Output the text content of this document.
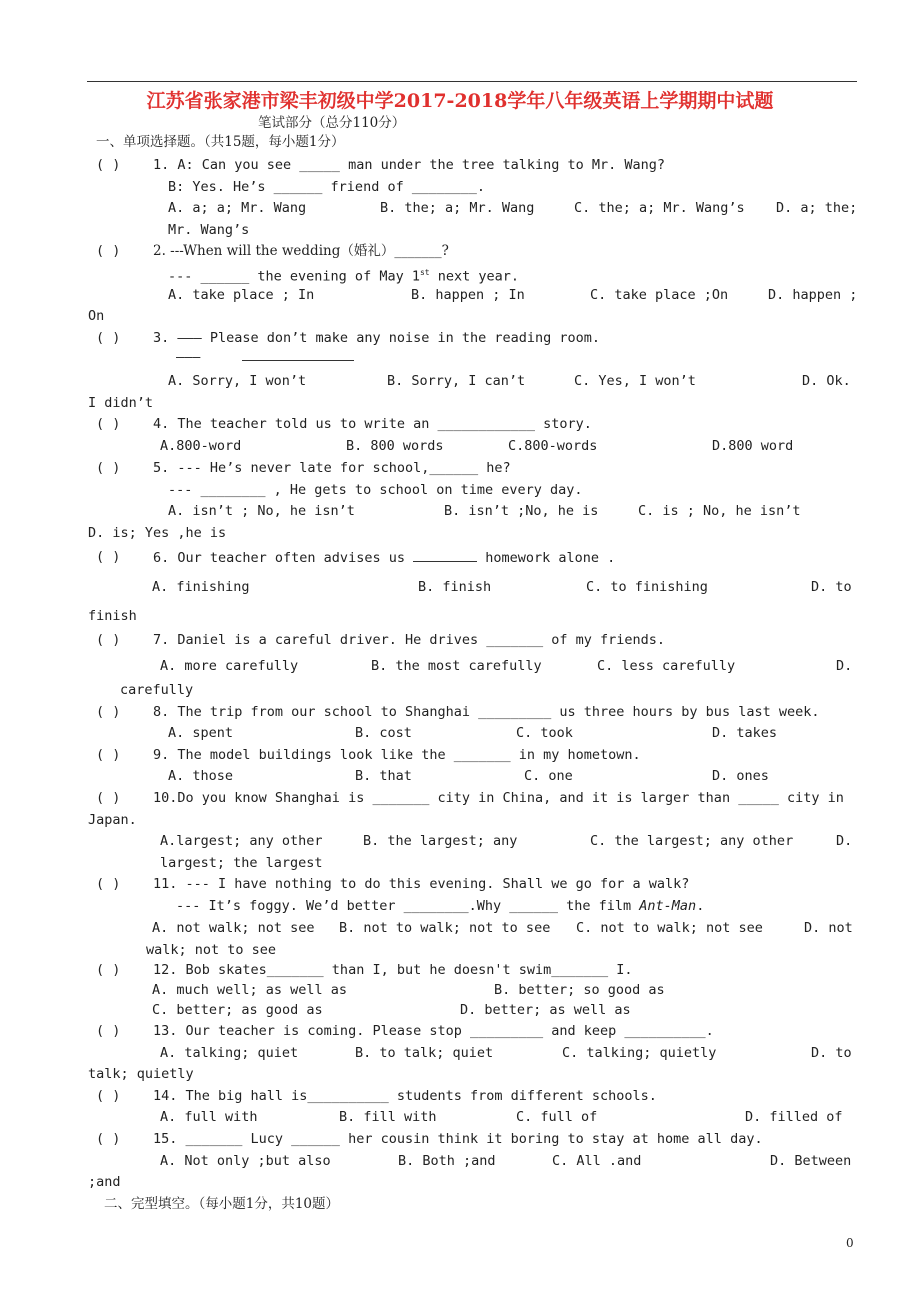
江苏省张家港市梁丰初级中学2017-2018学年八年级英语上学期期中试题
笔试部分（总分110分）
一、单项选择题。（共15题，每小题1分）
( ) 1. A: Can you see _____ man under the tree talking to Mr. Wang?
B: Yes. He’s ______ friend of ________.
A. a; a; Mr. Wang	B. the; a; Mr. Wang	C. the; a; Mr. Wang’s D. a; the;
Mr. Wang’s
( ) 2. ---When will the wedding（婚礼）_______?
--- ______ the evening of May 1st next year.
A. take place ; In	B. happen ; In	C. take place ;On	D. happen ;
On
( ) 3. ——— Please don’t make any noise in the reading room.
———
A. Sorry, I won’t	B. Sorry, I can’t	C. Yes, I won’t	D. Ok.
I didn’t
( ) 4. The teacher told us to write an ____________ story.
A.800-word	B. 800 words	C.800-words	D.800 word
( ) 5. --- He’s never late for school,______ he?
--- ________ , He gets to school on time every day.
A. isn’t ; No, he isn’t	B. isn’t ;No, he is	C. is ; No, he isn’t
D. is; Yes ,he is
( ) 6. Our teacher often advises us	homework alone .
A. finishing	B. finish	C. to finishing	D. to
finish
( ) 7. Daniel is a careful driver. He drives _______ of my friends.
A. more carefully	B. the most carefully	C. less carefully	D.
carefully
( ) 8. The trip from our school to Shanghai _________ us three hours by bus last week.
A. spent	B. cost	C. took	D. takes
( ) 9. The model buildings look like the _______ in my hometown.
A. those	B. that	C. one	D. ones
( ) 10.Do you know Shanghai is _______ city in China, and it is larger than _____ city in
Japan.
A.largest; any other	B. the largest; any	C. the largest; any other	D.
largest; the largest
( ) 11. --- I have nothing to do this evening. Shall we go for a walk?
--- It’s foggy. We’d better ________.Why ______ the film Ant-Man.
A. not walk; not see B. not to walk; not to see C. not to walk; not see	D. not
walk; not to see
( ) 12. Bob skates_______ than I, but he doesn't swim_______ I.
A. much well; as well as	B. better; so good as
C. better; as good as	D. better; as well as
( ) 13. Our teacher is coming. Please stop _________ and keep __________.
A. talking; quiet	B. to talk; quiet	C. talking; quietly	D. to
talk; quietly
( ) 14. The big hall is__________ students from different schools.
A. full with	B. fill with	C. full of	D. filled of
( ) 15. _______ Lucy ______ her cousin think it boring to stay at home all day.
A. Not only ;but also	B. Both ;and	C. All .and	D. Between
;and
二、完型填空。（每小题1分，共10题）
0
